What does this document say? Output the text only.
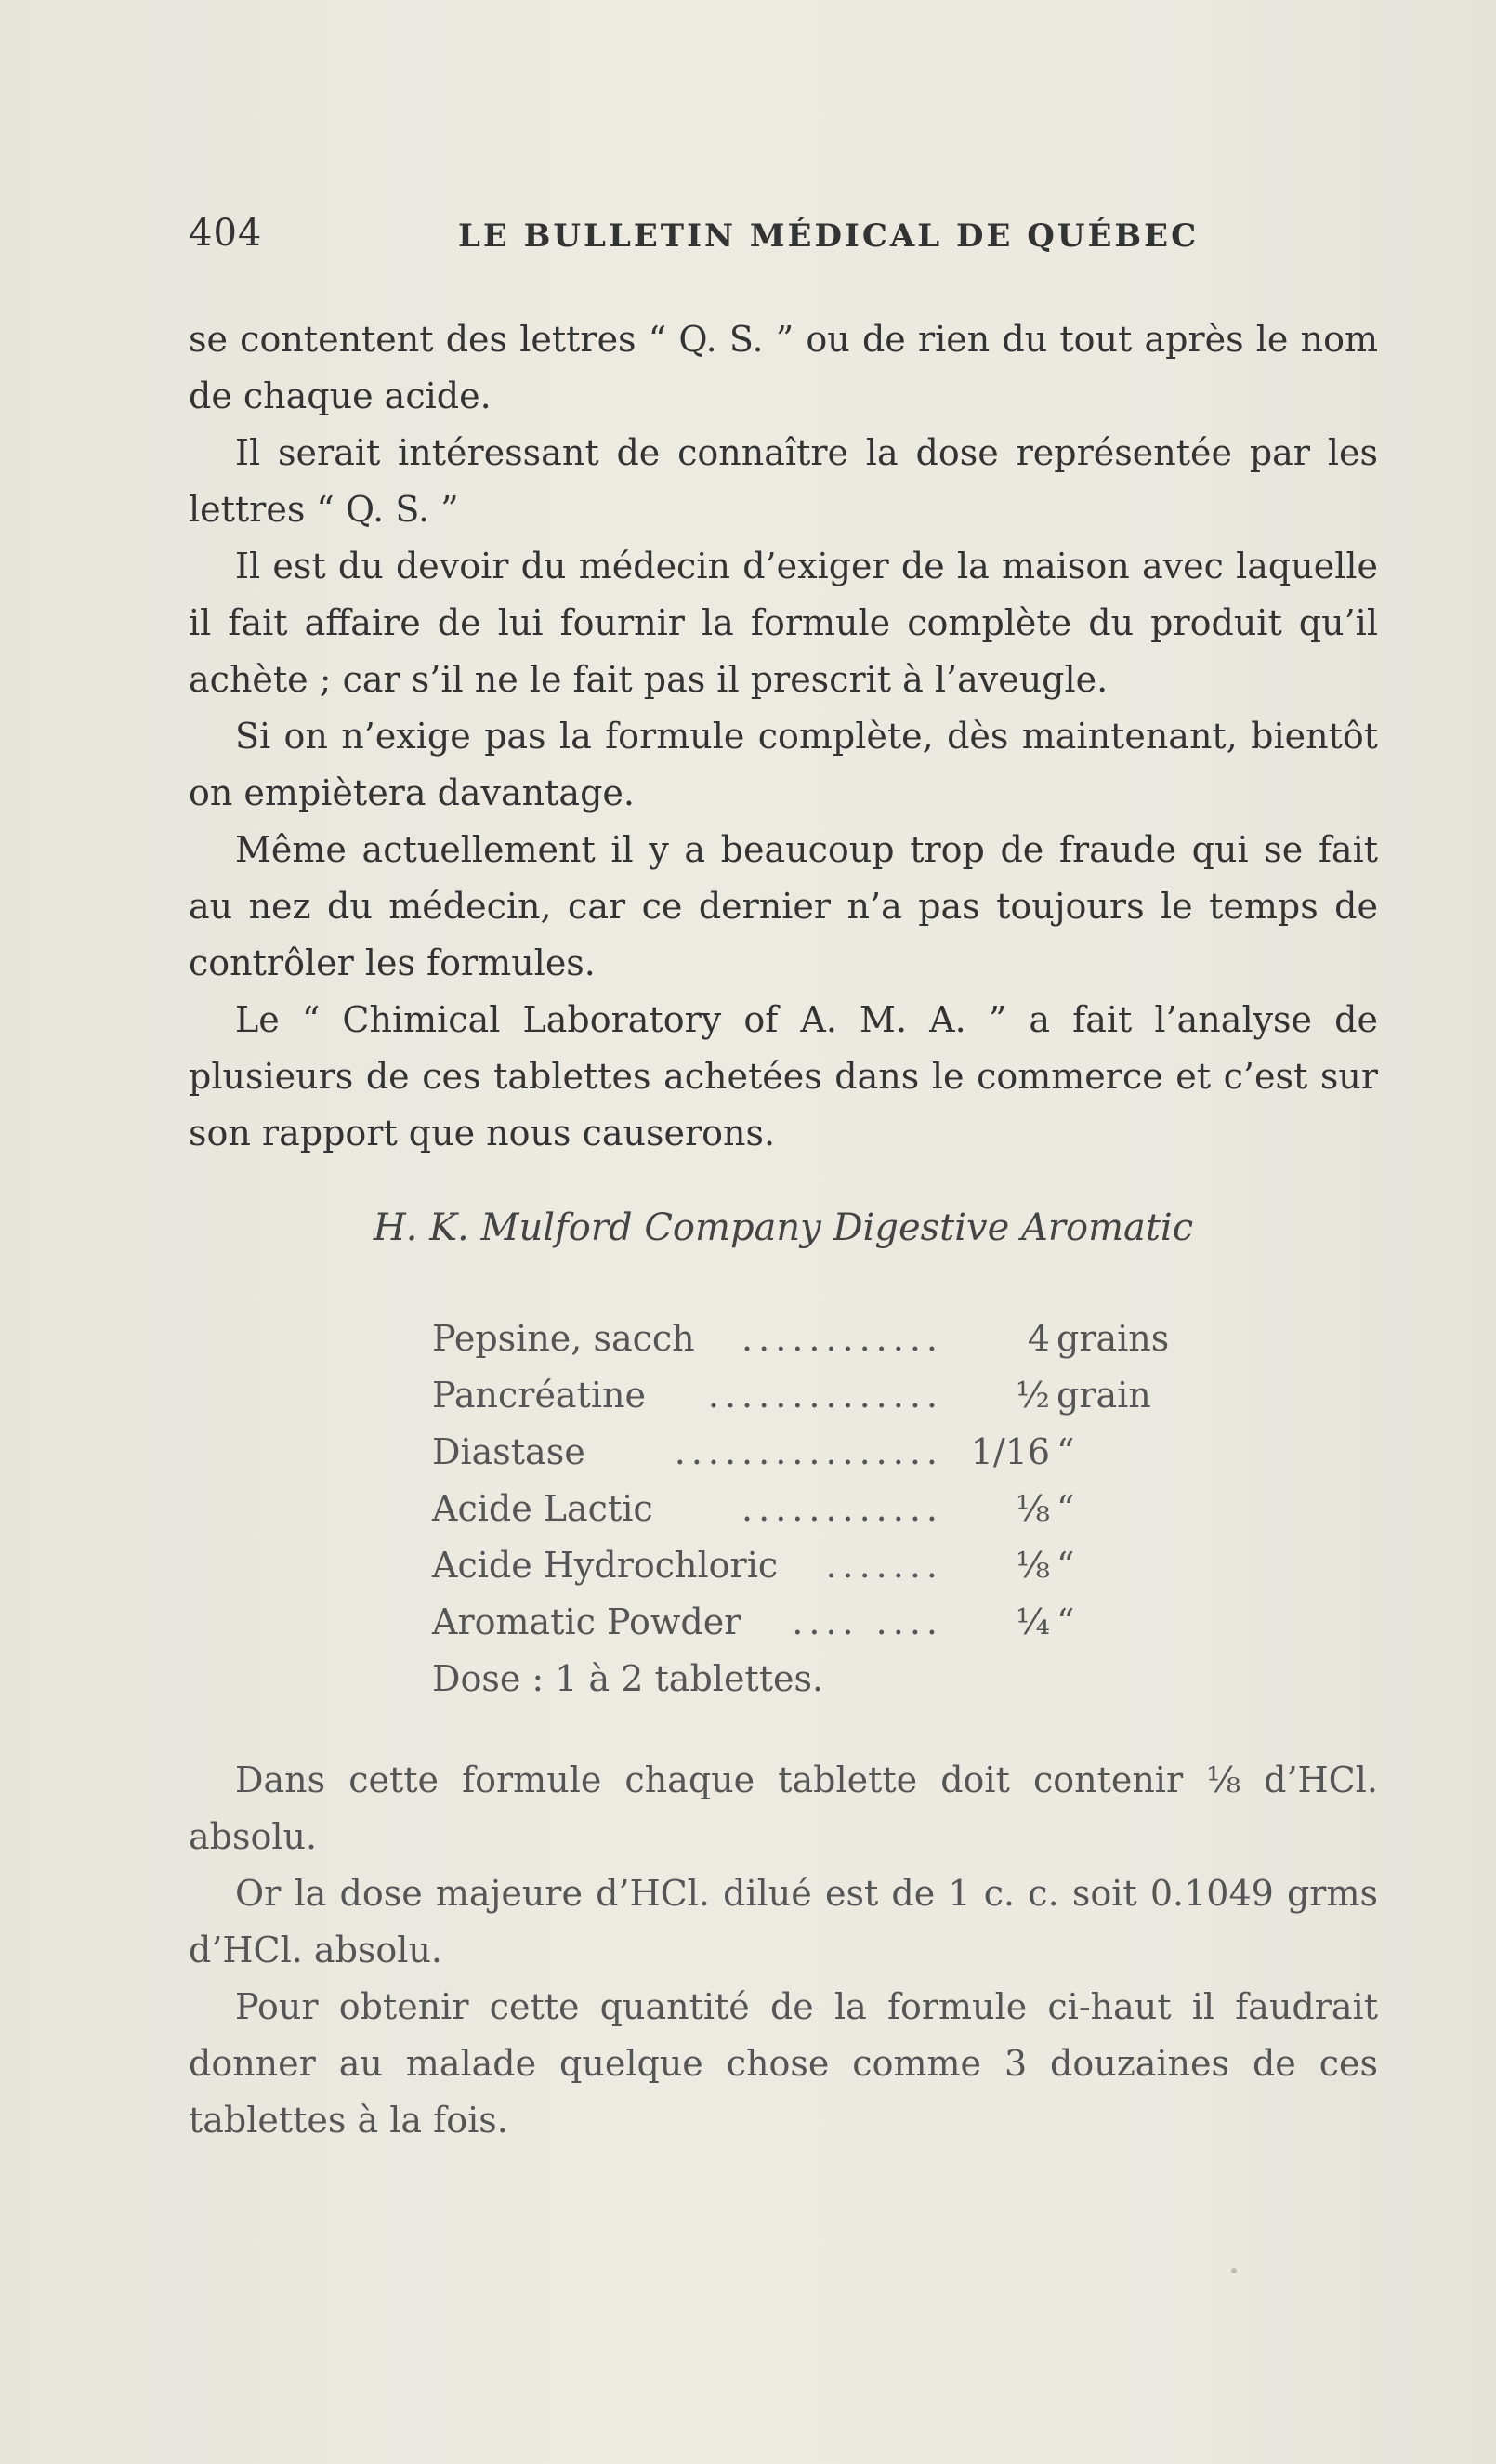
404	LE BULLETIN MÉDICAL DE QUÉBEC

se contentent des lettres “ Q. S. ” ou de rien du tout après le nom de chaque acide.

Il serait intéressant de connaître la dose représentée par les lettres “ Q. S. ”

Il est du devoir du médecin d’exiger de la maison avec laquelle il fait affaire de lui fournir la formule complète du produit qu’il achète ; car s’il ne le fait pas il prescrit à l’aveugle.

Si on n’exige pas la formule complète, dès maintenant, bientôt on empiètera davantage.

Même actuellement il y a beaucoup trop de fraude qui se fait au nez du médecin, car ce dernier n’a pas toujours le temps de contrôler les formules.

Le “ Chimical Laboratory of A. M. A. ” a fait l’analyse de plusieurs de ces tablettes achetées dans le commerce et c’est sur son rapport que nous causerons.

H. K. Mulford Company Digestive Aromatic
Pepsine, sacch ............	4 grains
Pancréatine ..............	½ grain
Diastase	................ 1/16 “
Acide Lactic	............	⅛ “
Acide Hydrochloric .......	⅛ “
Aromatic Powder .... ....	¼ “
Dose : 1 à 2 tablettes.

Dans cette formule chaque tablette doit contenir ⅛ d’HCl. absolu.

Or la dose majeure d’HCl. dilué est de 1 c. c. soit 0.1049 grms d’HCl. absolu.

Pour obtenir cette quantité de la formule ci-haut il faudrait donner au malade quelque chose comme 3 douzaines de ces tablettes à la fois.
